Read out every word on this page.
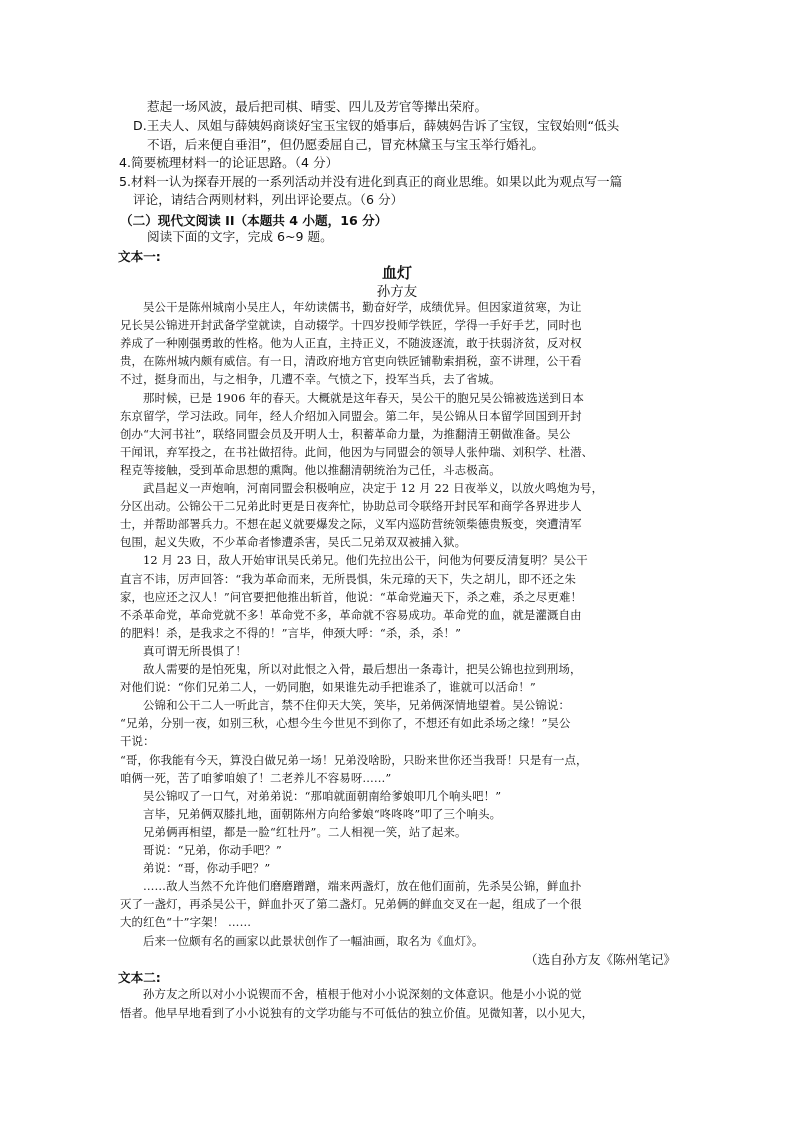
惹起一场风波，最后把司棋、晴雯、四儿及芳官等撵出荣府。
D.王夫人、凤姐与薛姨妈商谈好宝玉宝钗的婚事后，薛姨妈告诉了宝钗，宝钗始则“低头
不语，后来便自垂泪”，但仍愿委屈自己，冒充林黛玉与宝玉举行婚礼。
4.简要梳理材料一的论证思路。（4 分）
5.材料一认为探春开展的一系列活动并没有进化到真正的商业思维。如果以此为观点写一篇
评论，请结合两则材料，列出评论要点。（6 分）
（二）现代文阅读 II（本题共 4 小题，16 分）
阅读下面的文字，完成 6~9 题。
文本一:
血灯
孙方友
吴公干是陈州城南小吴庄人，年幼读儒书，勤奋好学，成绩优异。但因家道贫寒，为让
兄长吴公锦进开封武备学堂就读，自动辍学。十四岁投师学铁匠，学得一手好手艺，同时也
养成了一种刚强勇敢的性格。他为人正直，主持正义，不随波逐流，敢于扶弱济贫，反对权
贵，在陈州城内颇有威信。有一日，清政府地方官吏向铁匠铺勒索捐税，蛮不讲理，公干看
不过，挺身而出，与之相争，几遭不幸。气愤之下，投军当兵，去了省城。
那时候，已是 1906 年的春天。大概就是这年春天，吴公干的胞兄吴公锦被选送到日本
东京留学，学习法政。同年，经人介绍加入同盟会。第二年，吴公锦从日本留学回国到开封
创办“大河书社”，联络同盟会员及开明人士，积蓄革命力量，为推翻清王朝做准备。吴公
干闻讯，弃军投之，在书社做招待。此间，他因为与同盟会的领导人张仲瑞、刘积学、杜潜、
程克等接触，受到革命思想的熏陶。他以推翻清朝统治为己任，斗志极高。
武昌起义一声炮响，河南同盟会积极响应，决定于 12 月 22 日夜举义，以放火鸣炮为号，
分区出动。公锦公干二兄弟此时更是日夜奔忙，协助总司令联络开封民军和商学各界进步人
士，并帮助部署兵力。不想在起义就要爆发之际，义军内巡防营统领柴德贵叛变，突遭清军
包围，起义失败，不少革命者惨遭杀害，吴氏二兄弟双双被捕入狱。
12 月 23 日，敌人开始审讯吴氏弟兄。他们先拉出公干，问他为何要反清复明？吴公干
直言不讳，厉声回答：“我为革命而来，无所畏惧，朱元璋的天下，失之胡儿，即不还之朱
家，也应还之汉人！”问官要把他推出斩首，他说：“革命党遍天下，杀之难，杀之尽更难！
不杀革命党，革命党就不多！革命党不多，革命就不容易成功。革命党的血，就是灌溉自由
的肥料！杀，是我求之不得的！”言毕，伸颈大呼：“杀，杀，杀！”
真可谓无所畏惧了！
敌人需要的是怕死鬼，所以对此恨之入骨，最后想出一条毒计，把吴公锦也拉到刑场，
对他们说：“你们兄弟二人，一奶同胞，如果谁先动手把谁杀了，谁就可以活命！”
公锦和公干二人一听此言，禁不住仰天大笑，笑毕，兄弟俩深情地望着。吴公锦说：
“兄弟，分别一夜，如别三秋，心想今生今世见不到你了，不想还有如此杀场之缘！”吴公
干说：
“哥，你我能有今天，算没白做兄弟一场！兄弟没啥盼，只盼来世你还当我哥！只是有一点，
咱俩一死，苦了咱爹咱娘了！二老养儿不容易呀……”
吴公锦叹了一口气，对弟弟说：“那咱就面朝南给爹娘叩几个响头吧！”
言毕，兄弟俩双膝扎地，面朝陈州方向给爹娘“咚咚咚”叩了三个响头。
兄弟俩再相望，都是一脸“红牡丹”。二人相视一笑，站了起来。
哥说：“兄弟，你动手吧？”
弟说：“哥，你动手吧？”
……敌人当然不允许他们磨磨蹭蹭，端来两盏灯，放在他们面前，先杀吴公锦，鲜血扑
灭了一盏灯，再杀吴公干，鲜血扑灭了第二盏灯。兄弟俩的鲜血交叉在一起，组成了一个很
大的红色“十”字架！ ……
后来一位颇有名的画家以此景状创作了一幅油画，取名为《血灯》。
（选自孙方友《陈州笔记》
文本二:
孙方友之所以对小小说锲而不舍，植根于他对小小说深刻的文体意识。他是小小说的觉
悟者。他早早地看到了小小说独有的文学功能与不可低估的独立价值。见微知著，以小见大，
